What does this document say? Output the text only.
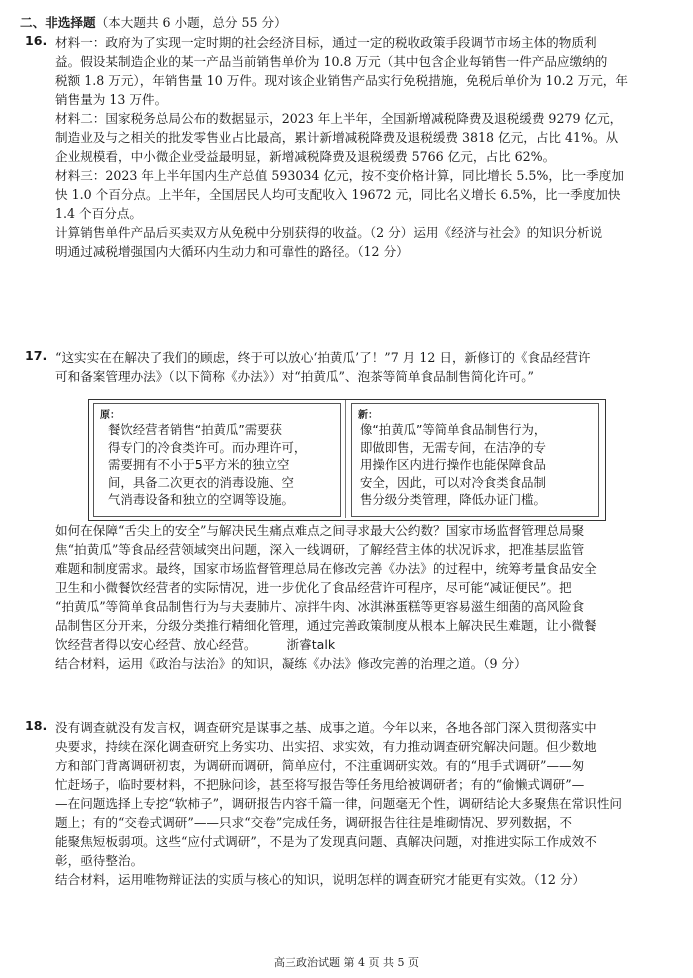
二、非选择题（本大题共 6 小题，总分 55 分）
16. 材料一：政府为了实现一定时期的社会经济目标，通过一定的税收政策手段调节市场主体的物质利
益。假设某制造企业的某一产品当前销售单价为 10.8 万元（其中包含企业每销售一件产品应缴纳的
税额 1.8 万元），年销售量 10 万件。现对该企业销售产品实行免税措施，免税后单价为 10.2 万元，年
销售量为 13 万件。
材料二：国家税务总局公布的数据显示，2023 年上半年，全国新增减税降费及退税缓费 9279 亿元，
制造业及与之相关的批发零售业占比最高，累计新增减税降费及退税缓费 3818 亿元，占比 41%。从
企业规模看，中小微企业受益最明显，新增减税降费及退税缓费 5766 亿元，占比 62%。
材料三：2023 年上半年国内生产总值 593034 亿元，按不变价格计算，同比增长 5.5%，比一季度加
快 1.0 个百分点。上半年，全国居民人均可支配收入 19672 元，同比名义增长 6.5%，比一季度加快
1.4 个百分点。
计算销售单件产品后买卖双方从免税中分别获得的收益。（2 分）运用《经济与社会》的知识分析说
明通过减税增强国内大循环内生动力和可靠性的路径。（12 分）
17. “这实实在在解决了我们的顾虑，终于可以放心‘拍黄瓜’了！”7 月 12 日，新修订的《食品经营许
可和备案管理办法》（以下简称《办法》）对“拍黄瓜”、泡茶等简单食品制售简化许可。”
原：
餐饮经营者销售“拍黄瓜”需要获
得专门的冷食类许可。而办理许可，
需要拥有不小于5平方米的独立空
间，具备二次更衣的消毒设施、空
气消毒设备和独立的空调等设施。
新：
像“拍黄瓜”等简单食品制售行为，
即做即售，无需专间，在洁净的专
用操作区内进行操作也能保障食品
安全，因此，可以对冷食类食品制
售分级分类管理，降低办证门槛。
如何在保障“舌尖上的安全”与解决民生痛点难点之间寻求最大公约数？国家市场监督管理总局聚
焦“拍黄瓜”等食品经营领域突出问题，深入一线调研，了解经营主体的状况诉求，把准基层监管
难题和制度需求。最终，国家市场监督管理总局在修改完善《办法》的过程中，统筹考量食品安全
卫生和小微餐饮经营者的实际情况，进一步优化了食品经营许可程序，尽可能“减证便民”。把
“拍黄瓜”等简单食品制售行为与夫妻肺片、凉拌牛肉、冰淇淋蛋糕等更容易滋生细菌的高风险食
品制售区分开来，分级分类推行精细化管理，通过完善政策制度从根本上解决民生难题，让小微餐
饮经营者得以安心经营、放心经营。 浙睿talk
结合材料，运用《政治与法治》的知识，凝练《办法》修改完善的治理之道。（9 分）
18. 没有调查就没有发言权，调查研究是谋事之基、成事之道。今年以来，各地各部门深入贯彻落实中
央要求，持续在深化调查研究上务实功、出实招、求实效，有力推动调查研究解决问题。但少数地
方和部门背离调研初衷，为调研而调研，简单应付，不注重调研实效。有的“甩手式调研”——匆
忙赶场子，临时要材料，不把脉问诊，甚至将写报告等任务甩给被调研者；有的“偷懒式调研”—
—在问题选择上专挖“软柿子”，调研报告内容千篇一律，问题毫无个性，调研结论大多聚焦在常识性问
题上；有的“交卷式调研”——只求“交卷”完成任务，调研报告往往是堆砌情况、罗列数据，不
能聚焦短板弱项。这些“应付式调研”，不是为了发现真问题、真解决问题，对推进实际工作成效不
彰，亟待整治。
结合材料，运用唯物辩证法的实质与核心的知识，说明怎样的调查研究才能更有实效。（12 分）
高三政治试题 第 4 页 共 5 页
